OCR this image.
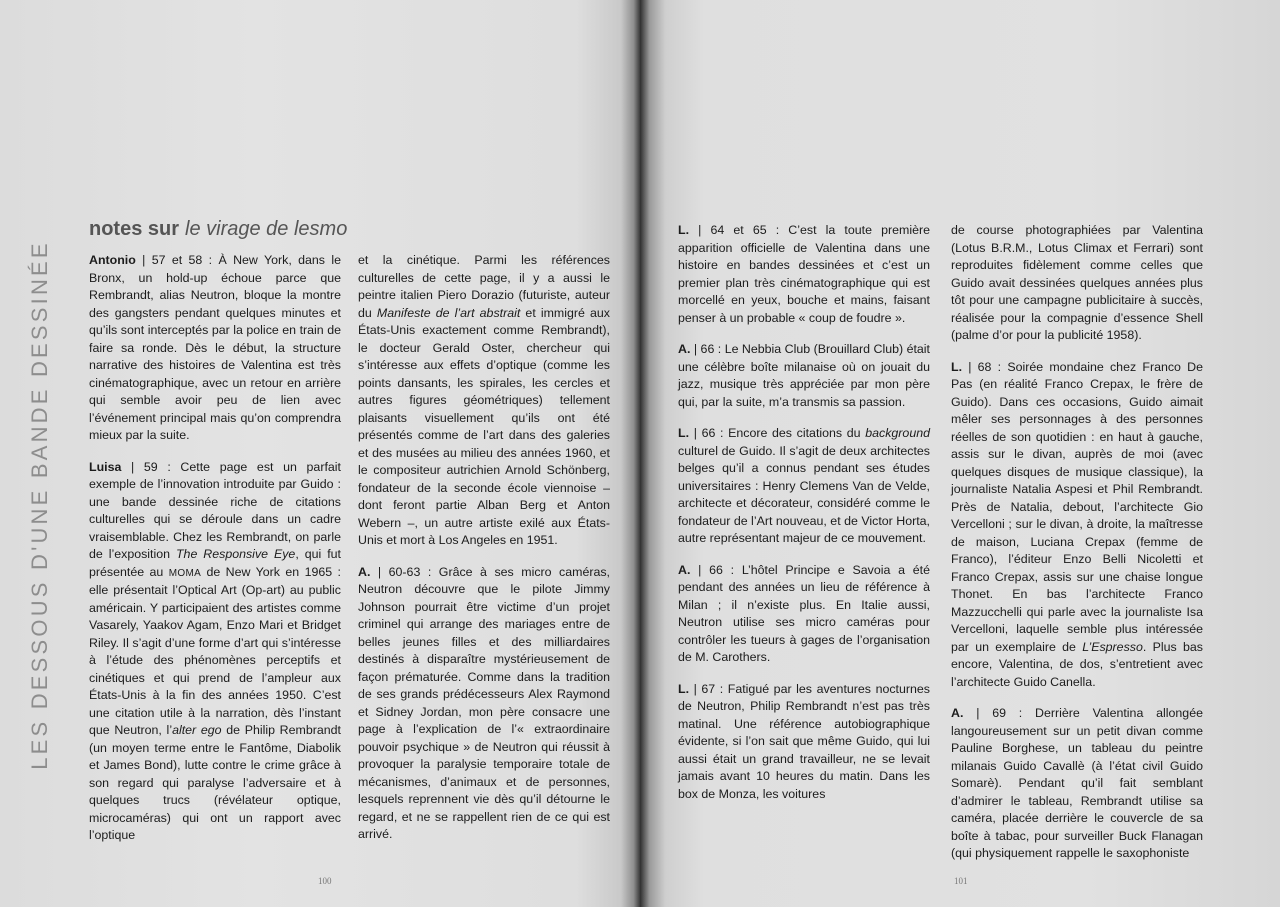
LES DESSOUS D'UNE BANDE DESSINÉE
notes sur le virage de lesmo

Antonio | 57 et 58 : À New York, dans le Bronx, un hold-up échoue parce que Rembrandt, alias Neutron, bloque la montre des gangsters pendant quelques minutes et qu’ils sont interceptés par la police en train de faire sa ronde. Dès le début, la structure narrative des histoires de Valentina est très cinématographique, avec un retour en arrière qui semble avoir peu de lien avec l’événement principal mais qu’on comprendra mieux par la suite.

Luisa | 59 : Cette page est un parfait exemple de l’innovation introduite par Guido : une bande dessinée riche de citations culturelles qui se déroule dans un cadre vraisemblable. Chez les Rembrandt, on parle de l’exposition The Responsive Eye, qui fut présentée au MOMA de New York en 1965 : elle présentait l’Optical Art (Op-art) au public américain. Y participaient des artistes comme Vasarely, Yaakov Agam, Enzo Mari et Bridget Riley. Il s’agit d’une forme d’art qui s’intéresse à l’étude des phénomènes perceptifs et cinétiques et qui prend de l’ampleur aux États-Unis à la fin des années 1950. C’est une citation utile à la narration, dès l’instant que Neutron, l’alter ego de Philip Rembrandt (un moyen terme entre le Fantôme, Diabolik et James Bond), lutte contre le crime grâce à son regard qui paralyse l’adversaire et à quelques trucs (révélateur optique, microcaméras) qui ont un rapport avec l’optique

et la cinétique. Parmi les références culturelles de cette page, il y a aussi le peintre italien Piero Dorazio (futuriste, auteur du Manifeste de l’art abstrait et immigré aux États-Unis exactement comme Rembrandt), le docteur Gerald Oster, chercheur qui s’intéresse aux effets d’optique (comme les points dansants, les spirales, les cercles et autres figures géométriques) tellement plaisants visuellement qu’ils ont été présentés comme de l’art dans des galeries et des musées au milieu des années 1960, et le compositeur autrichien Arnold Schönberg, fondateur de la seconde école viennoise – dont feront partie Alban Berg et Anton Webern –, un autre artiste exilé aux États-Unis et mort à Los Angeles en 1951.

A. | 60-63 : Grâce à ses micro caméras, Neutron découvre que le pilote Jimmy Johnson pourrait être victime d’un projet criminel qui arrange des mariages entre de belles jeunes filles et des milliardaires destinés à disparaître mystérieusement de façon prématurée. Comme dans la tradition de ses grands prédécesseurs Alex Raymond et Sidney Jordan, mon père consacre une page à l’explication de l’« extraordinaire pouvoir psychique » de Neutron qui réussit à provoquer la paralysie temporaire totale de mécanismes, d’animaux et de personnes, lesquels reprennent vie dès qu’il détourne le regard, et ne se rappellent rien de ce qui est arrivé.

100

L. | 64 et 65 : C’est la toute première apparition officielle de Valentina dans une histoire en bandes dessinées et c’est un premier plan très cinématographique qui est morcellé en yeux, bouche et mains, faisant penser à un probable « coup de foudre ».

A. | 66 : Le Nebbia Club (Brouillard Club) était une célèbre boîte milanaise où on jouait du jazz, musique très appréciée par mon père qui, par la suite, m’a transmis sa passion.

L. | 66 : Encore des citations du background culturel de Guido. Il s’agit de deux architectes belges qu’il a connus pendant ses études universitaires : Henry Clemens Van de Velde, architecte et décorateur, considéré comme le fondateur de l’Art nouveau, et de Victor Horta, autre représentant majeur de ce mouvement.

A. | 66 : L’hôtel Principe e Savoia a été pendant des années un lieu de référence à Milan ; il n’existe plus. En Italie aussi, Neutron utilise ses micro caméras pour contrôler les tueurs à gages de l’organisation de M. Carothers.

L. | 67 : Fatigué par les aventures nocturnes de Neutron, Philip Rembrandt n’est pas très matinal. Une référence autobiographique évidente, si l’on sait que même Guido, qui lui aussi était un grand travailleur, ne se levait jamais avant 10 heures du matin. Dans les box de Monza, les voitures

de course photographiées par Valentina (Lotus B.R.M., Lotus Climax et Ferrari) sont reproduites fidèlement comme celles que Guido avait dessinées quelques années plus tôt pour une campagne publicitaire à succès, réalisée pour la compagnie d’essence Shell (palme d’or pour la publicité 1958).

L. | 68 : Soirée mondaine chez Franco De Pas (en réalité Franco Crepax, le frère de Guido). Dans ces occasions, Guido aimait mêler ses personnages à des personnes réelles de son quotidien : en haut à gauche, assis sur le divan, auprès de moi (avec quelques disques de musique classique), la journaliste Natalia Aspesi et Phil Rembrandt. Près de Natalia, debout, l’architecte Gio Vercelloni ; sur le divan, à droite, la maîtresse de maison, Luciana Crepax (femme de Franco), l’éditeur Enzo Belli Nicoletti et Franco Crepax, assis sur une chaise longue Thonet. En bas l’architecte Franco Mazzucchelli qui parle avec la journaliste Isa Vercelloni, laquelle semble plus intéressée par un exemplaire de L’Espresso. Plus bas encore, Valentina, de dos, s’entretient avec l’architecte Guido Canella.

A. | 69 : Derrière Valentina allongée langoureusement sur un petit divan comme Pauline Borghese, un tableau du peintre milanais Guido Cavallè (à l’état civil Guido Somarè). Pendant qu’il fait semblant d’admirer le tableau, Rembrandt utilise sa caméra, placée derrière le couvercle de sa boîte à tabac, pour surveiller Buck Flanagan (qui physiquement rappelle le saxophoniste

101
